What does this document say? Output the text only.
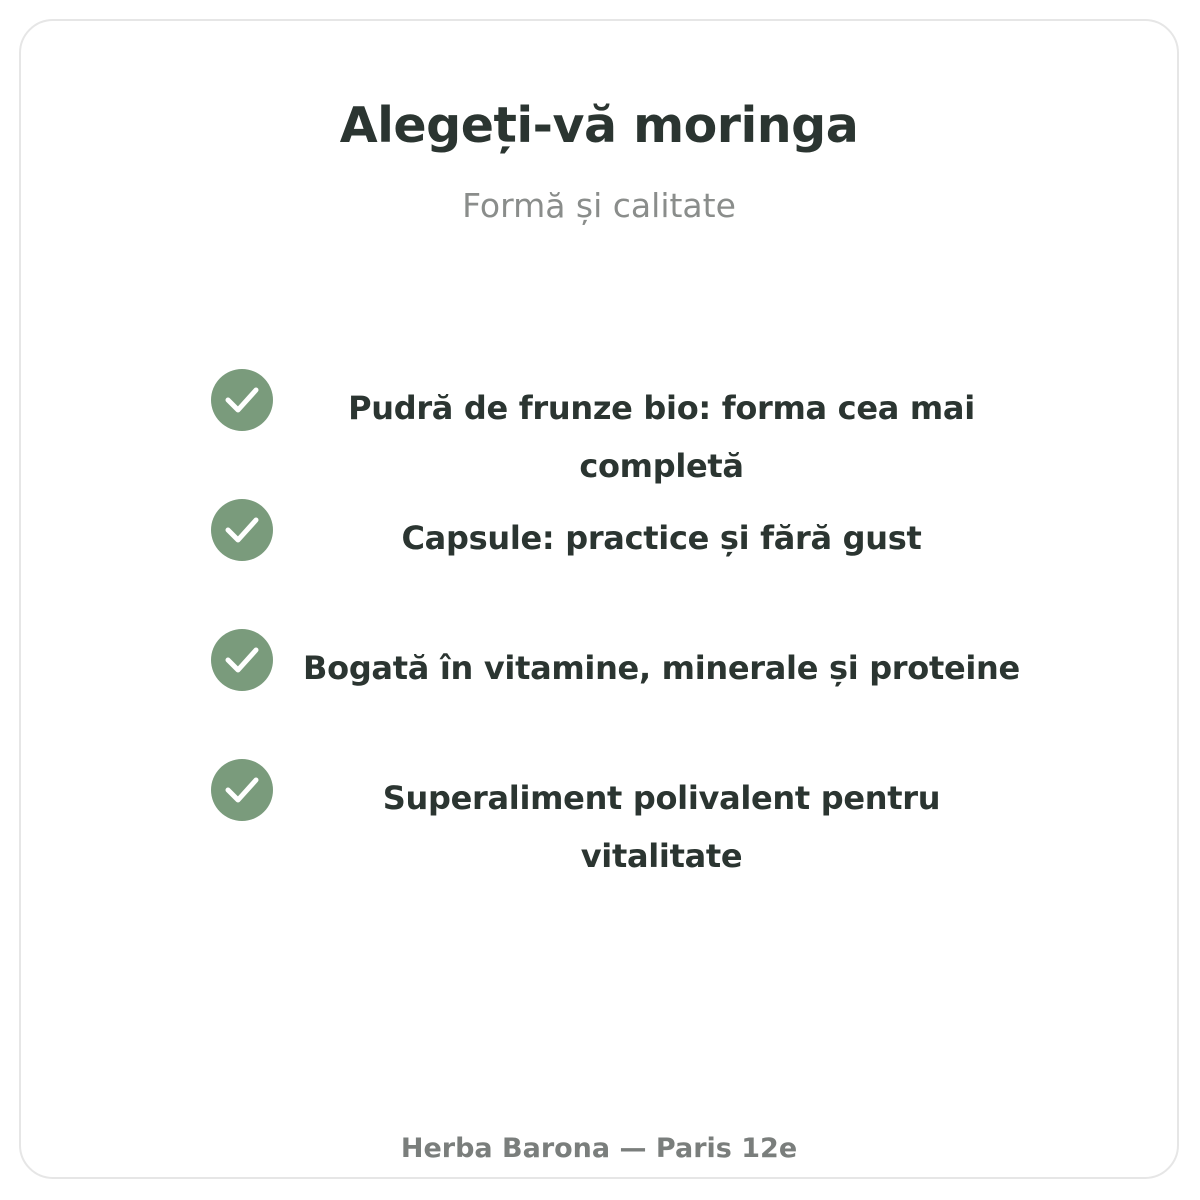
Alegeți-vă moringa

Formă și calitate

Pudră de frunze bio: forma cea mai completă
Capsule: practice și fără gust
Bogată în vitamine, minerale și proteine
Superaliment polivalent pentru vitalitate

Herba Barona — Paris 12e
